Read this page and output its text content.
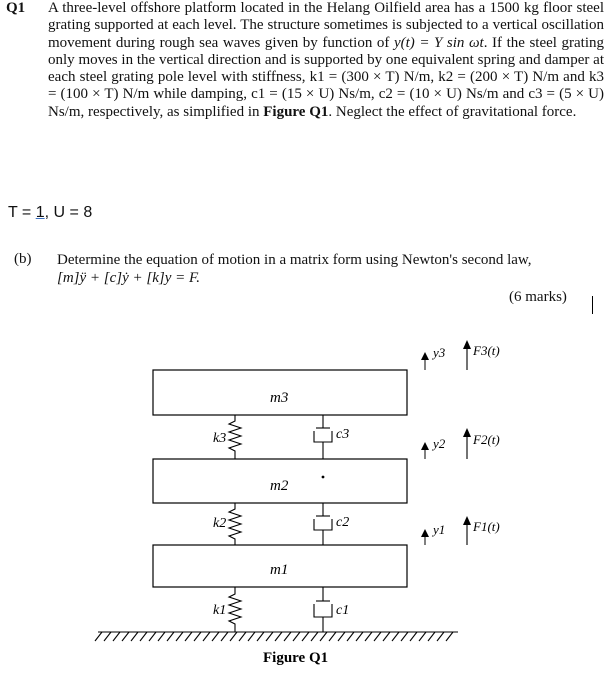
Q1 A three-level offshore platform located in the Helang Oilfield area has a 1500 kg floor steel grating supported at each level. The structure sometimes is subjected to a vertical oscillation movement during rough sea waves given by function of y(t) = Y sin ωt. If the steel grating only moves in the vertical direction and is supported by one equivalent spring and damper at each steel grating pole level with stiffness, k1 = (300 × T) N/m, k2 = (200 × T) N/m and k3 = (100 × T) N/m while damping, c1 = (15 × U) Ns/m, c2 = (10 × U) Ns/m and c3 = (5 × U) Ns/m, respectively, as simplified in Figure Q1. Neglect the effect of gravitational force.
T = 1, U = 8
(b) Determine the equation of motion in a matrix form using Newton's second law,
[m]ÿ + [c]ẏ + [k]y = F.
(6 marks)
m3
m2
m1
k3
k2
k1
c3
c2
c1
y3
y2
y1
F3(t)
F2(t)
F1(t)
Figure Q1
